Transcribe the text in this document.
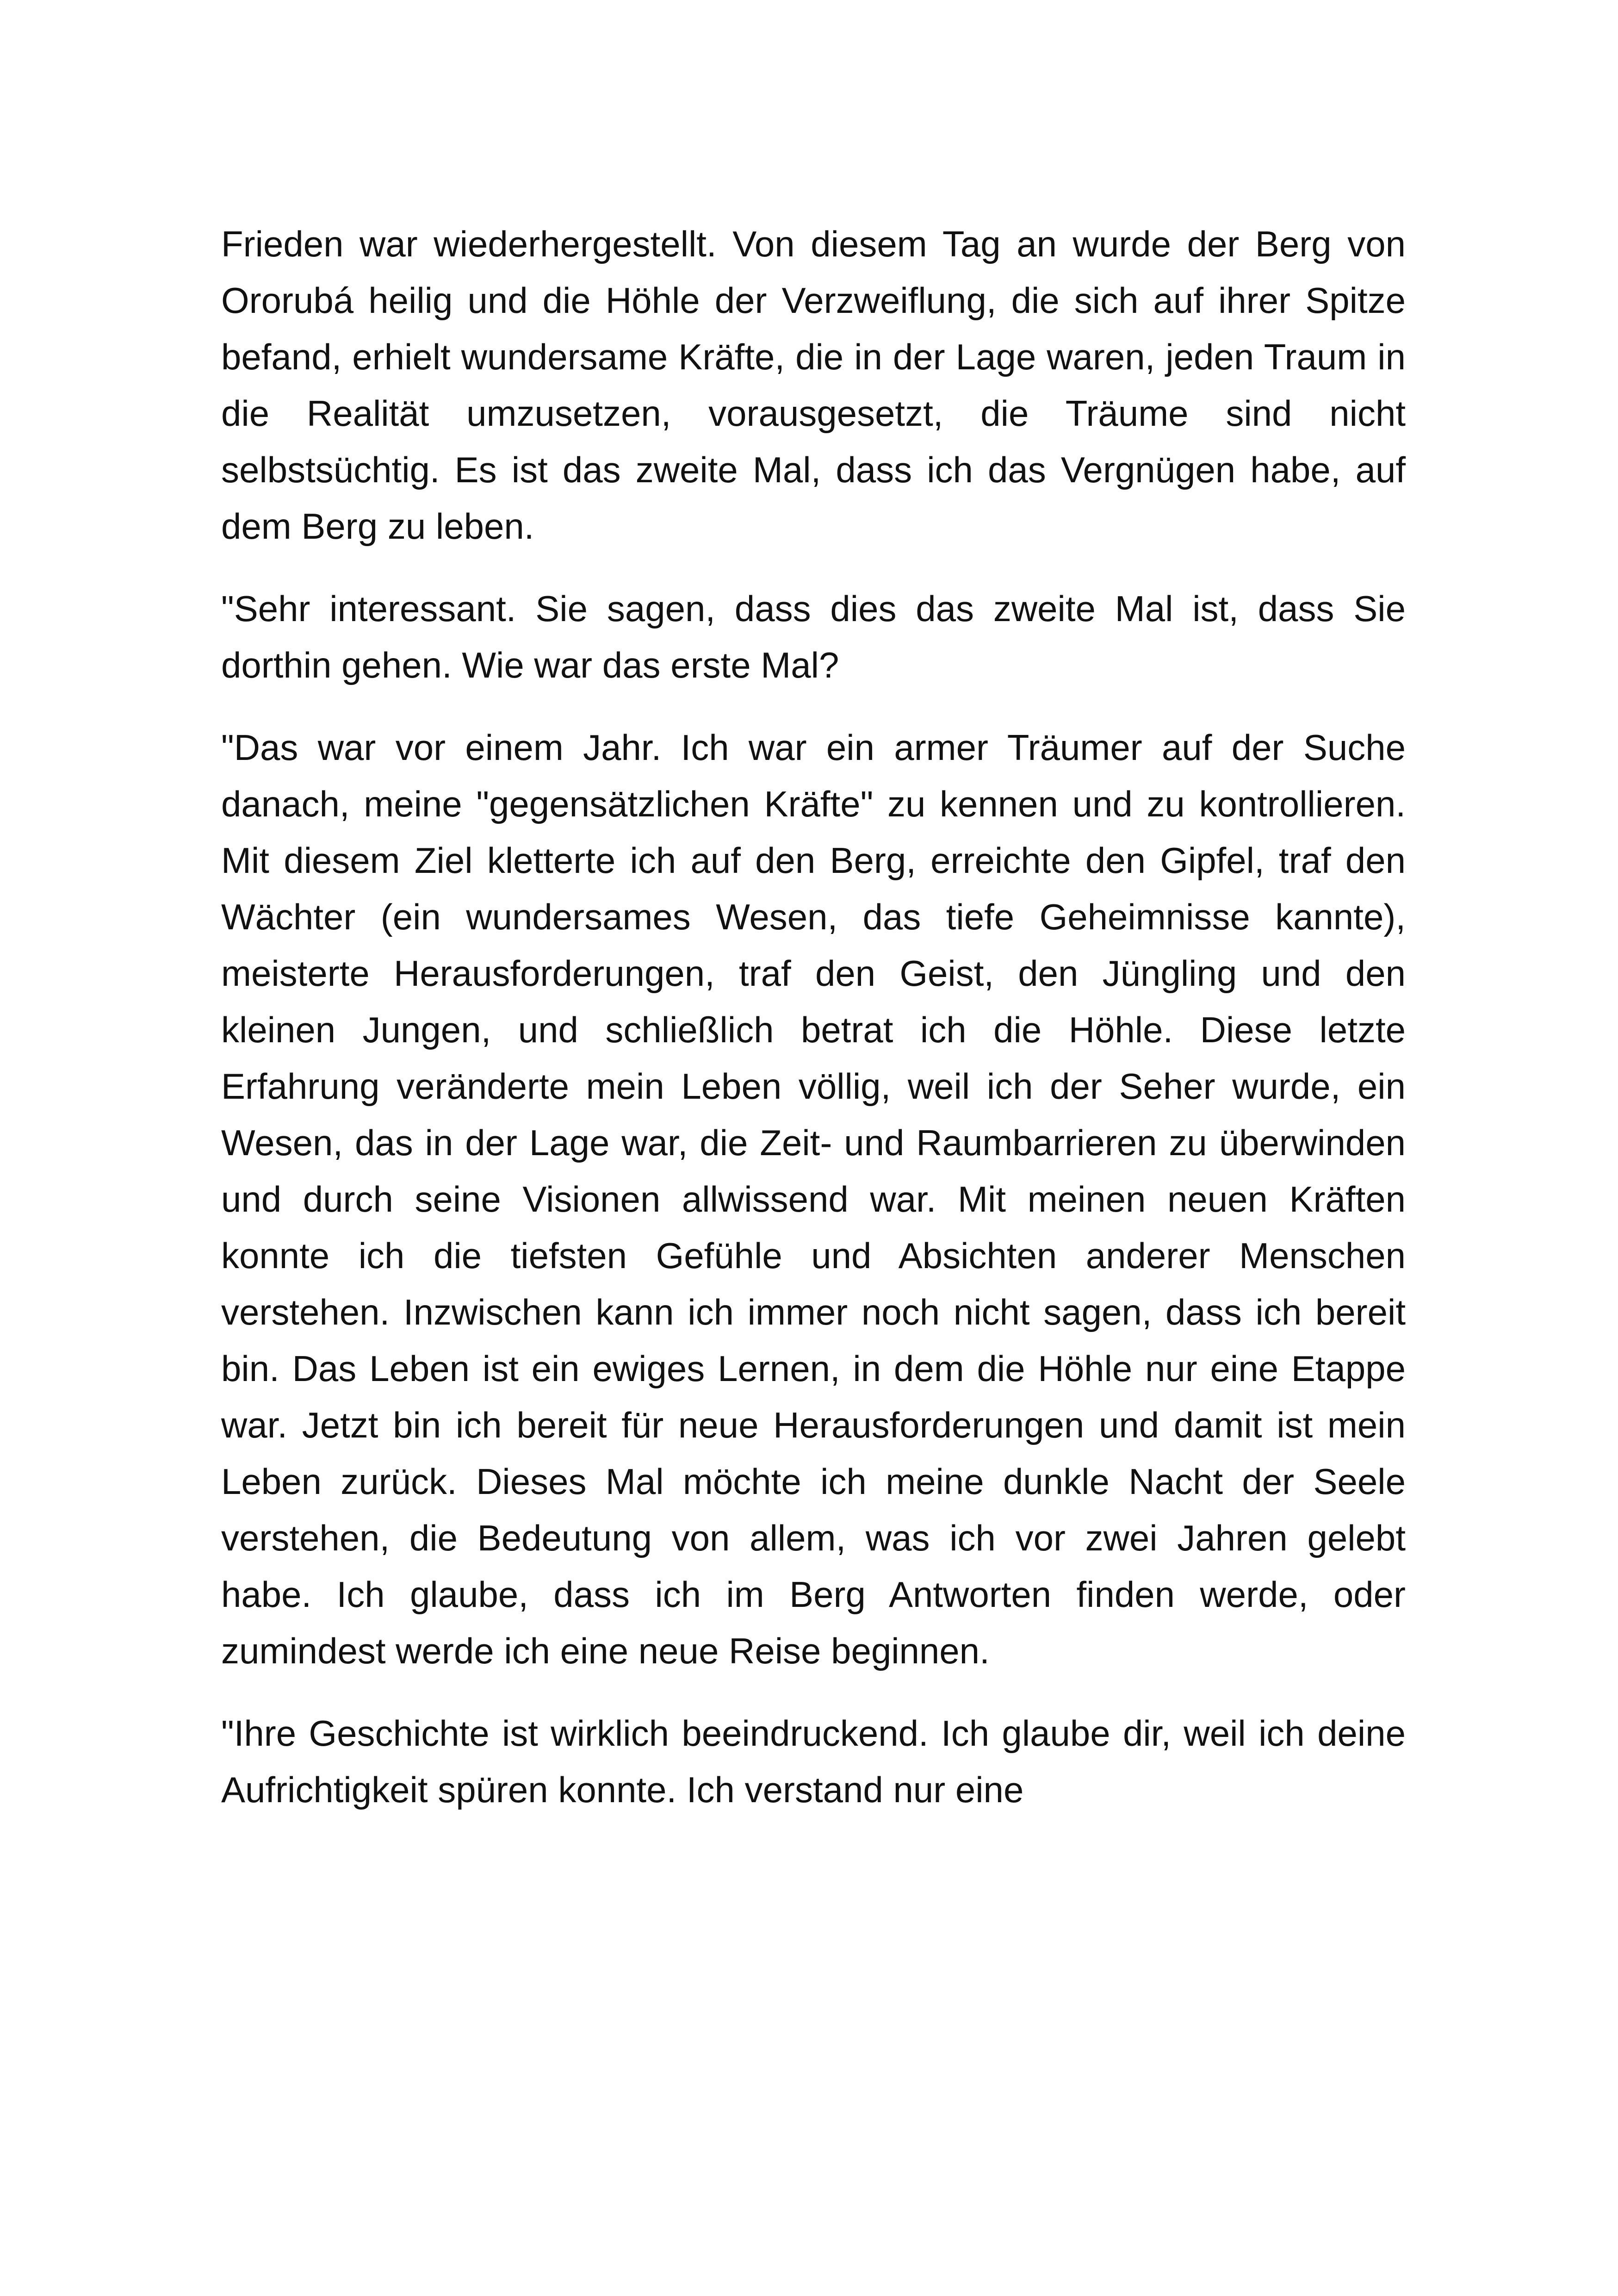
Frieden war wiederhergestellt. Von diesem Tag an wurde der Berg von Ororubá heilig und die Höhle der Verzweiflung, die sich auf ihrer Spitze befand, erhielt wundersame Kräfte, die in der Lage waren, jeden Traum in die Realität umzusetzen, vorausgesetzt, die Träume sind nicht selbstsüchtig. Es ist das zweite Mal, dass ich das Vergnügen habe, auf dem Berg zu leben.

"Sehr interessant. Sie sagen, dass dies das zweite Mal ist, dass Sie dorthin gehen. Wie war das erste Mal?

"Das war vor einem Jahr. Ich war ein armer Träumer auf der Suche danach, meine "gegensätzlichen Kräfte" zu kennen und zu kontrollieren. Mit diesem Ziel kletterte ich auf den Berg, erreichte den Gipfel, traf den Wächter (ein wundersames Wesen, das tiefe Geheimnisse kannte), meisterte Herausforderungen, traf den Geist, den Jüngling und den kleinen Jungen, und schließlich betrat ich die Höhle. Diese letzte Erfahrung veränderte mein Leben völlig, weil ich der Seher wurde, ein Wesen, das in der Lage war, die Zeit- und Raumbarrieren zu überwinden und durch seine Visionen allwissend war. Mit meinen neuen Kräften konnte ich die tiefsten Gefühle und Absichten anderer Menschen verstehen. Inzwischen kann ich immer noch nicht sagen, dass ich bereit bin. Das Leben ist ein ewiges Lernen, in dem die Höhle nur eine Etappe war. Jetzt bin ich bereit für neue Herausforderungen und damit ist mein Leben zurück. Dieses Mal möchte ich meine dunkle Nacht der Seele verstehen, die Bedeutung von allem, was ich vor zwei Jahren gelebt habe. Ich glaube, dass ich im Berg Antworten finden werde, oder zumindest werde ich eine neue Reise beginnen.

"Ihre Geschichte ist wirklich beeindruckend. Ich glaube dir, weil ich deine Aufrichtigkeit spüren konnte. Ich verstand nur eine
